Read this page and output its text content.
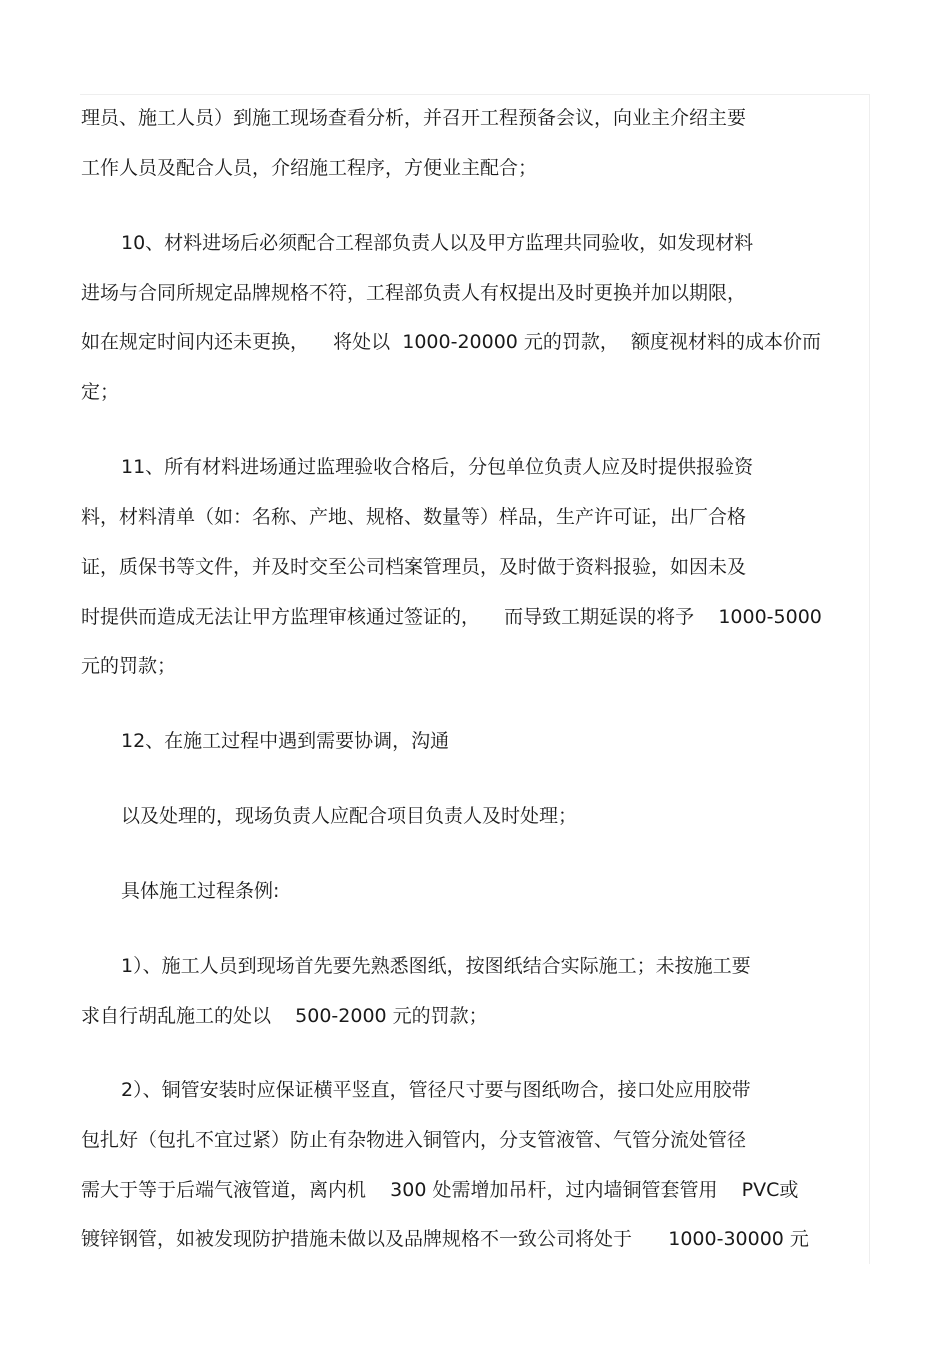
理员、施工人员）到施工现场查看分析，并召开工程预备会议，向业主介绍主要
工作人员及配合人员，介绍施工程序，方便业主配合；
10、材料进场后必须配合工程部负责人以及甲方监理共同验收，如发现材料
进场与合同所规定品牌规格不符，工程部负责人有权提出及时更换并加以期限，
如在规定时间内还未更换，    将处以  1000-20000 元的罚款，  额度视材料的成本价而
定；
11、所有材料进场通过监理验收合格后，分包单位负责人应及时提供报验资
料，材料清单（如：名称、产地、规格、数量等）样品，生产许可证，出厂合格
证，质保书等文件，并及时交至公司档案管理员，及时做于资料报验，如因未及
时提供而造成无法让甲方监理审核通过签证的，    而导致工期延误的将予    1000-5000
元的罚款；
12、在施工过程中遇到需要协调，沟通
以及处理的，现场负责人应配合项目负责人及时处理；
具体施工过程条例:
1）、施工人员到现场首先要先熟悉图纸，按图纸结合实际施工；未按施工要
求自行胡乱施工的处以    500-2000 元的罚款；
2）、铜管安装时应保证横平竖直，管径尺寸要与图纸吻合，接口处应用胶带
包扎好（包扎不宜过紧）防止有杂物进入铜管内，分支管液管、气管分流处管径
需大于等于后端气液管道，离内机    300 处需增加吊杆，过内墙铜管套管用    PVC或
镀锌钢管，如被发现防护措施未做以及品牌规格不一致公司将处于      1000-30000 元
